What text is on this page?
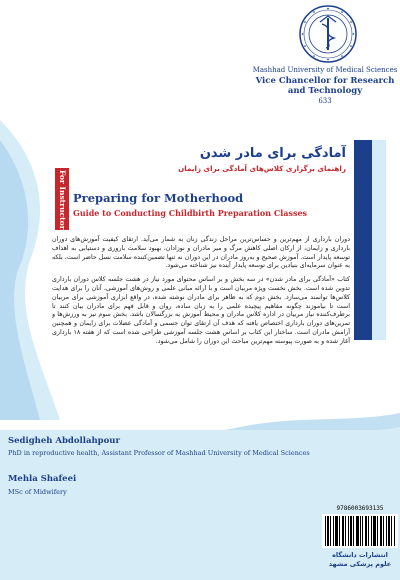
Mashhad University of Medical Sciences
Vice Chancellor for Research and Technology
633
سلامت خانواده	مجموعه کتابهای سلامت خانواده (سلامت مادر)
آمادگی برای مادر شدن
راهنمای برگزاری کلاس‌های آمادگی برای زایمان
For Instructors Preparing for Motherhood
Guide to Conducting Childbirth Preparation Classes

دوران بارداری از مهم‌ترین و حساس‌ترین مراحل زندگی زنان به شمار می‌آید. ارتقای کیفیت آموزش‌های دوران بارداری و زایمان، از ارکان اصلی کاهش مرگ و میر مادران و نوزادان، بهبود سلامت باروری و دستیابی به اهداف توسعه پایدار است. آموزش صحیح و به‌روز مادران در این دوران نه تنها تضمین‌کننده سلامت نسل حاضر است، بلکه به عنوان سرمایه‌ای بنیادین برای توسعه پایدار آینده نیز شناخته می‌شود.

کتاب «آمادگی برای مادر شدن» در سه بخش و بر اساس محتوای مورد نیاز در هشت جلسه کلاس دوران بارداری تدوین شده است. بخش نخست ویژه مربیان است و با ارائه مبانی علمی و روش‌های آموزشی، آنان را برای هدایت کلاس‌ها توانمند می‌سازد. بخش دوم که به ظاهر برای مادران نوشته شده، در واقع ابزاری آموزشی برای مربیان است تا بیاموزند چگونه مفاهیم پیچیده علمی را به زبان ساده، روان و قابل فهم برای مادران بیان کنند تا برطرف‌کننده نیاز مربیان در اداره کلاس مادران و محیط آموزش به بزرگسالان باشد. بخش سوم نیز به ورزش‌ها و تمرین‌های دوران بارداری اختصاص یافته که هدف آن ارتقای توان جسمی و آمادگی عضلات برای زایمان و همچنین آرامش مادران است. ساختار این کتاب بر اساس هشت جلسه آموزشی طراحی شده است که از هفته ۱۸ بارداری آغاز شده و به صورت پیوسته مهم‌ترین مباحث این دوران را شامل می‌شود.

Sedigheh Abdollahpour
PhD in reproductive health, Assistant Professor of Mashhad University of Medical Sciences
Mehla Shafeei
MSc of Midwifery
9786003693135
انتشارات دانشگاه
علوم پزشکی مشهد
